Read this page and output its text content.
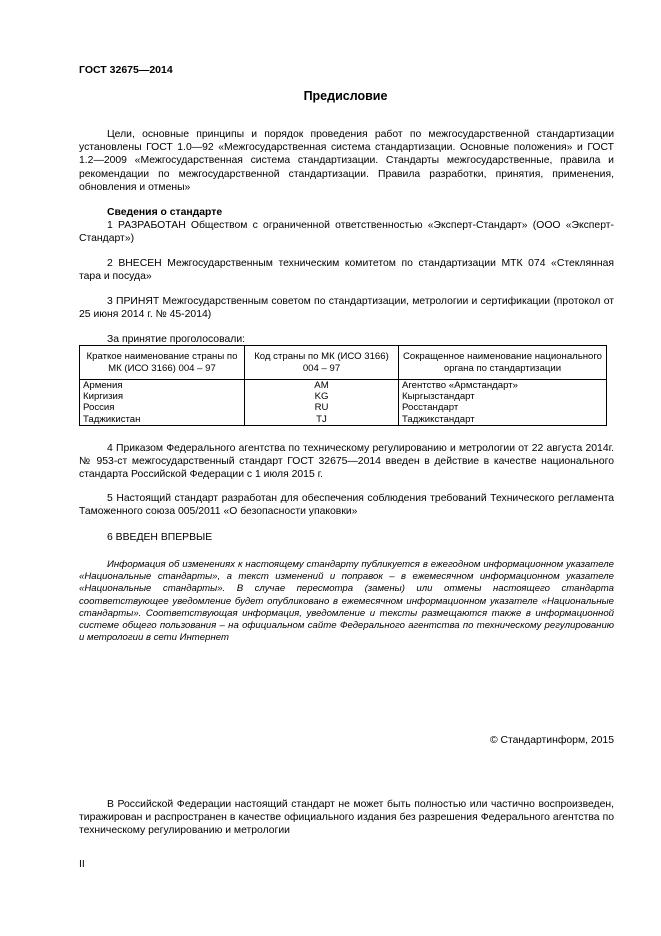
ГОСТ 32675—2014
Предисловие
Цели, основные принципы и порядок проведения работ по межгосударственной стандартизации установлены ГОСТ 1.0—92 «Межгосударственная система стандартизации. Основные положения» и ГОСТ 1.2—2009 «Межгосударственная система стандартизации. Стандарты межгосударственные, правила и рекомендации по межгосударственной стандартизации. Правила разработки, принятия, применения, обновления и отмены»
Сведения о стандарте
1 РАЗРАБОТАН Обществом с ограниченной ответственностью «Эксперт-Стандарт» (ООО «Эксперт-Стандарт»)
2 ВНЕСЕН Межгосударственным техническим комитетом по стандартизации МТК 074 «Стеклянная тара и посуда»
3 ПРИНЯТ Межгосударственным советом по стандартизации, метрологии и сертификации (протокол от 25 июня 2014 г. № 45-2014)
За принятие проголосовали:
Краткое наименование страны по МК (ИСО 3166) 004 – 97	Код страны по МК (ИСО 3166) 004 – 97	Сокращенное наименование национального органа по стандартизации
Армения	AM	Агентство «Армстандарт»
Киргизия	KG	Кыргызстандарт
Россия	RU	Росстандарт
Таджикистан	TJ	Таджикстандарт
4 Приказом Федерального агентства по техническому регулированию и метрологии от 22 августа 2014г. № 953-ст межгосударственный стандарт ГОСТ 32675—2014 введен в действие в качестве национального стандарта Российской Федерации с 1 июля 2015 г.
5 Настоящий стандарт разработан для обеспечения соблюдения требований Технического регламента Таможенного союза 005/2011 «О безопасности упаковки»
6 ВВЕДЕН ВПЕРВЫЕ
Информация об изменениях к настоящему стандарту публикуется в ежегодном информационном указателе «Национальные стандарты», а текст изменений и поправок – в ежемесячном информационном указателе «Национальные стандарты». В случае пересмотра (замены) или отмены настоящего стандарта соответствующее уведомление будет опубликовано в ежемесячном информационном указателе «Национальные стандарты». Соответствующая информация, уведомление и тексты размещаются также в информационной системе общего пользования – на официальном сайте Федерального агентства по техническому регулированию и метрологии в сети Интернет
© Стандартинформ, 2015
В Российской Федерации настоящий стандарт не может быть полностью или частично воспроизведен, тиражирован и распространен в качестве официального издания без разрешения Федерального агентства по техническому регулированию и метрологии
II
